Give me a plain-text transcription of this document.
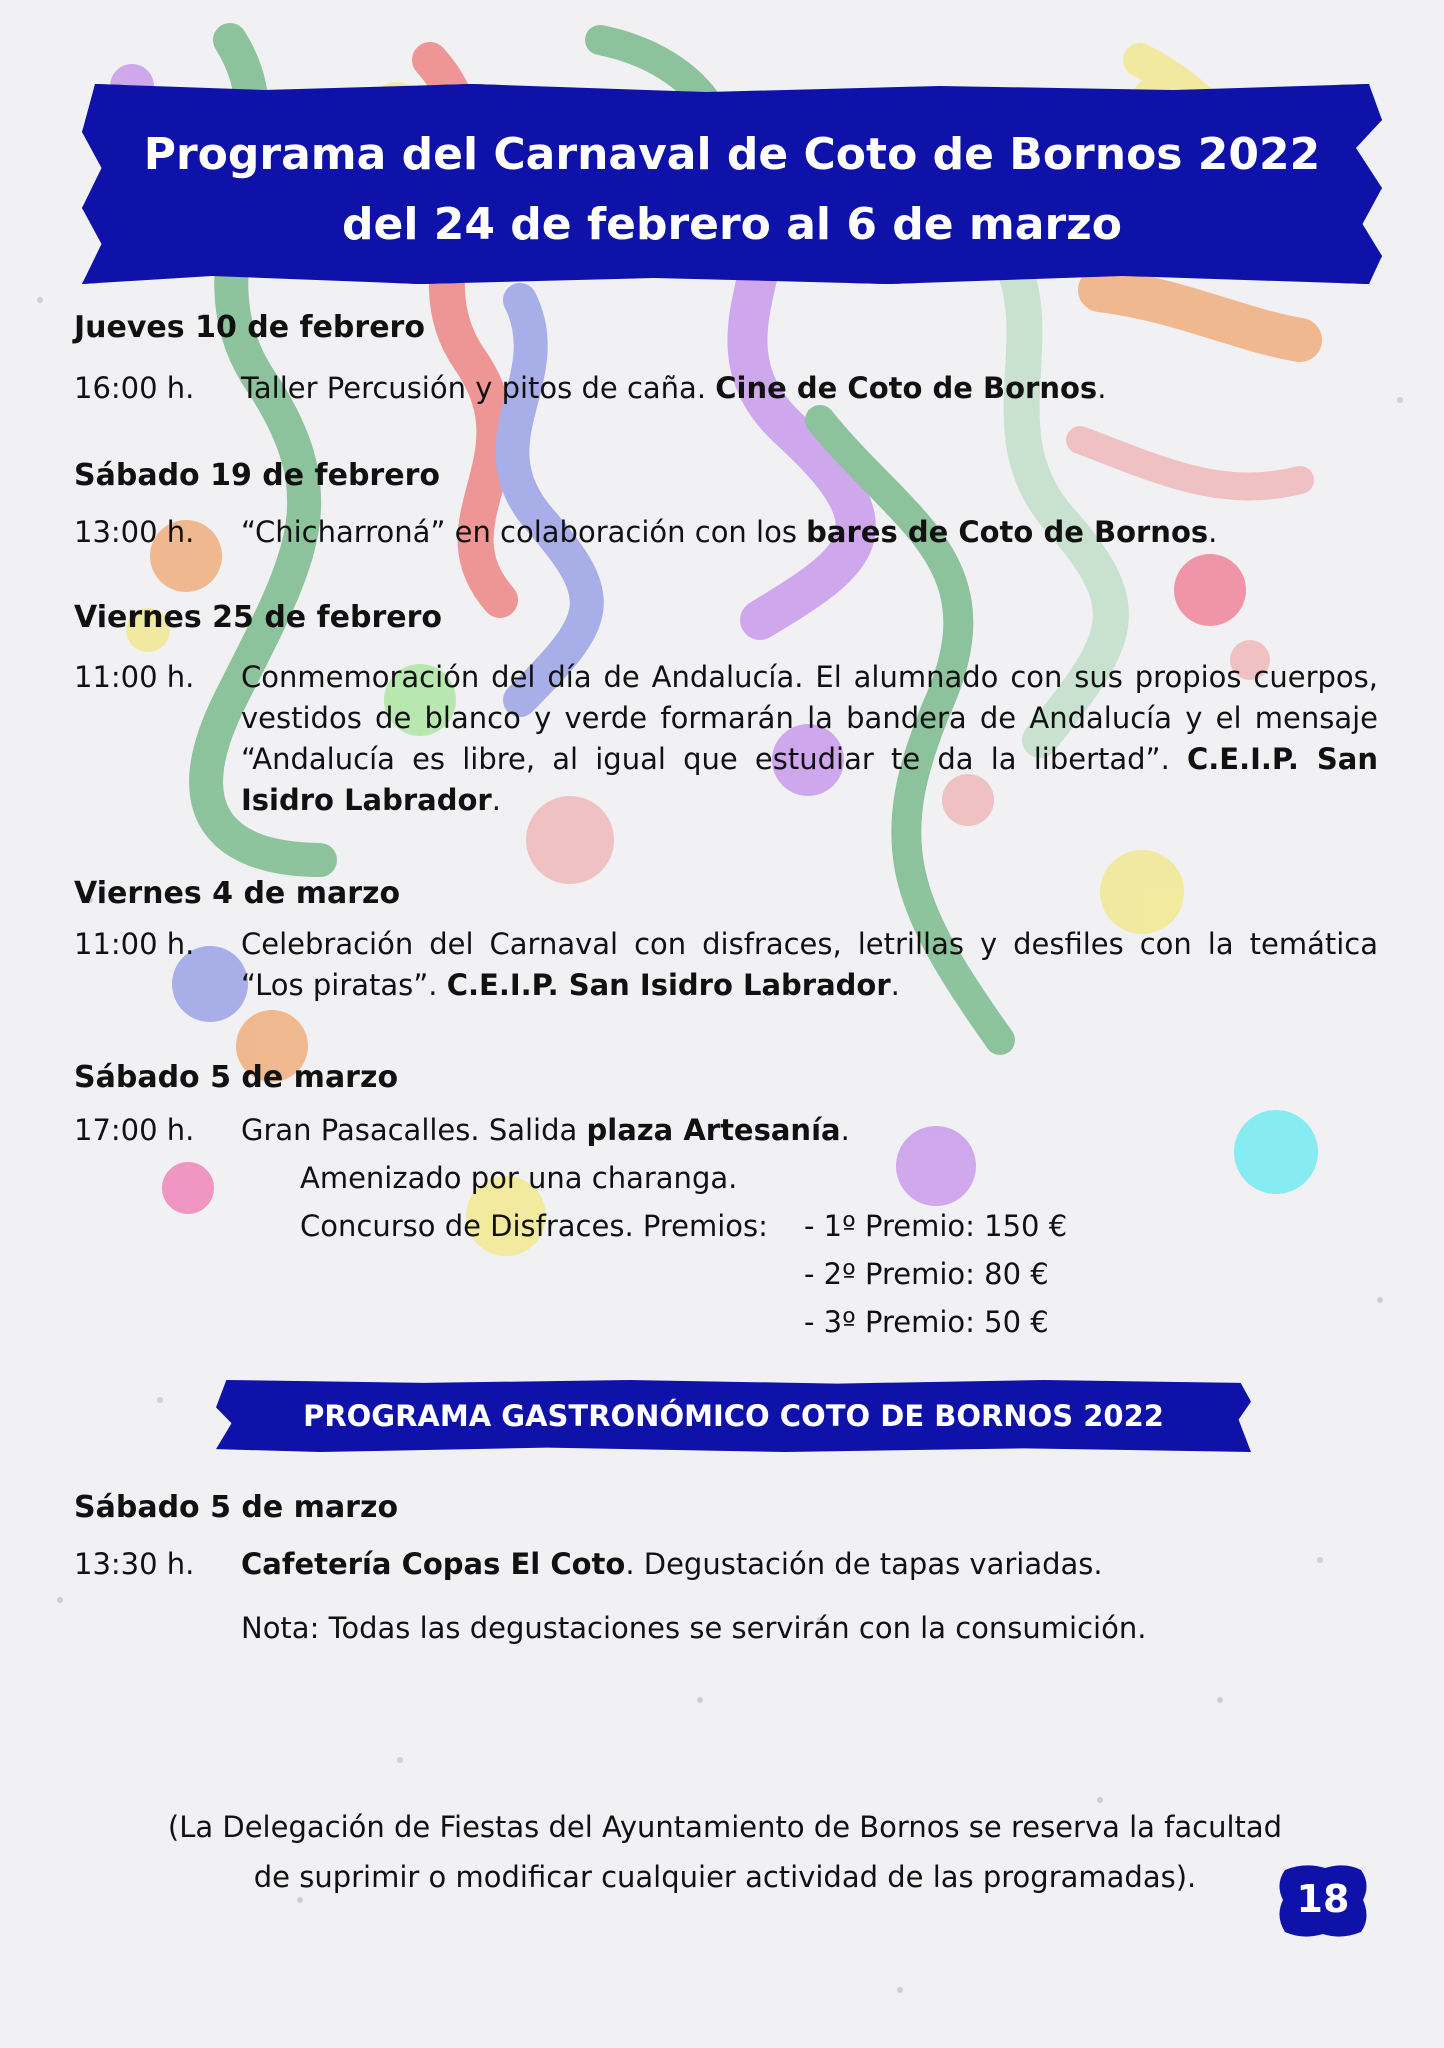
Programa del Carnaval de Coto de Bornos 2022
del 24 de febrero al 6 de marzo
Jueves 10 de febrero
16:00 h.	Taller Percusión y pitos de caña. Cine de Coto de Bornos.
Sábado 19 de febrero
13:00 h.	“Chicharroná” en colaboración con los bares de Coto de Bornos.
Viernes 25 de febrero
11:00 h.	Conmemoración del día de Andalucía. El alumnado con sus propios cuerpos, vestidos de blanco y verde formarán la bandera de Andalucía y el mensaje “Andalucía es libre, al igual que estudiar te da la libertad”. C.E.I.P. San Isidro Labrador.
Viernes 4 de marzo
11:00 h.	Celebración del Carnaval con disfraces, letrillas y desfiles con la temática “Los piratas”. C.E.I.P. San Isidro Labrador.
Sábado 5 de marzo
17:00 h.	Gran Pasacalles. Salida plaza Artesanía.
Amenizado por una charanga.
Concurso de Disfraces. Premios: - 1º Premio: 150 €
- 2º Premio: 80 €
- 3º Premio: 50 €
PROGRAMA GASTRONÓMICO COTO DE BORNOS 2022
Sábado 5 de marzo
13:30 h.	Cafetería Copas El Coto. Degustación de tapas variadas.
Nota: Todas las degustaciones se servirán con la consumición.
(La Delegación de Fiestas del Ayuntamiento de Bornos se reserva la facultad
de suprimir o modificar cualquier actividad de las programadas).	18
